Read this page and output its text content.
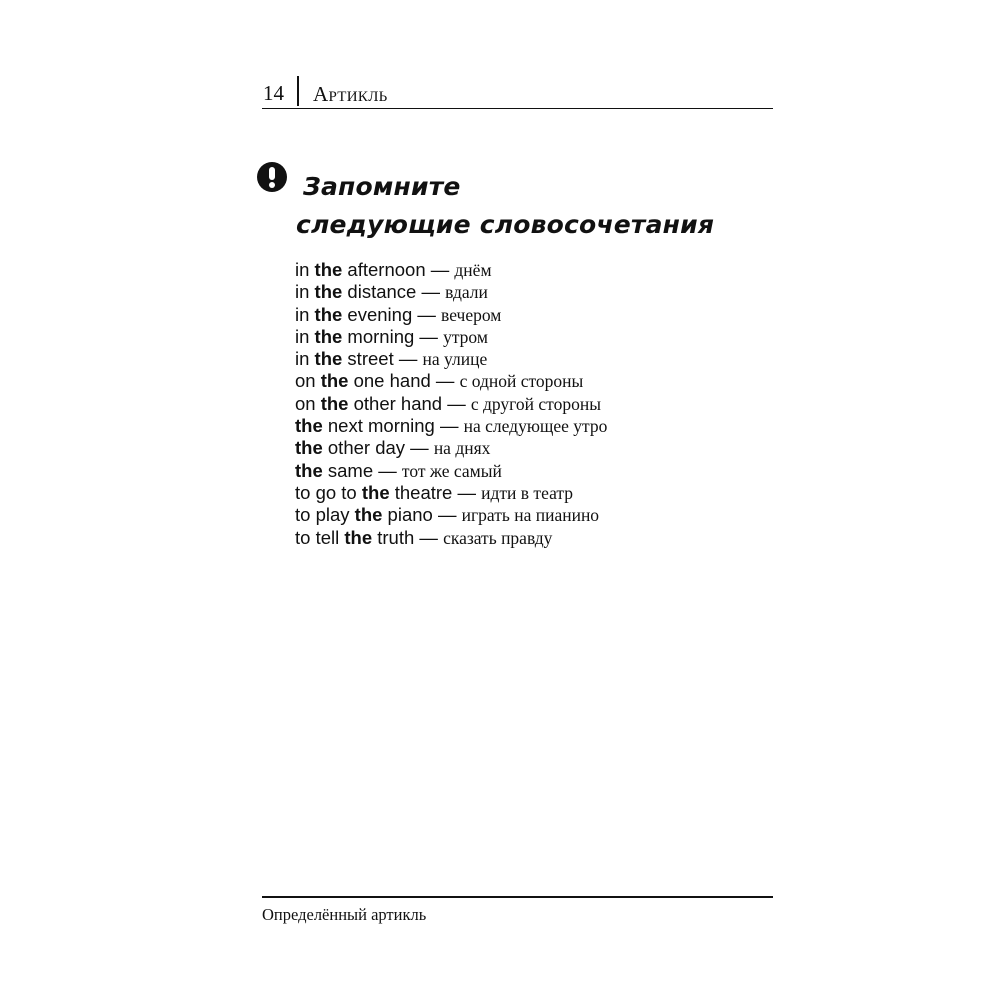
14 Артикль
Запомните
следующие словосочетания
in the afternoon — днём
in the distance — вдали
in the evening — вечером
in the morning — утром
in the street — на улице
on the one hand — с одной стороны
on the other hand — с другой стороны
the next morning — на следующее утро
the other day — на днях
the same — тот же самый
to go to the theatre — идти в театр
to play the piano — играть на пианино
to tell the truth — сказать правду
Определённый артикль
